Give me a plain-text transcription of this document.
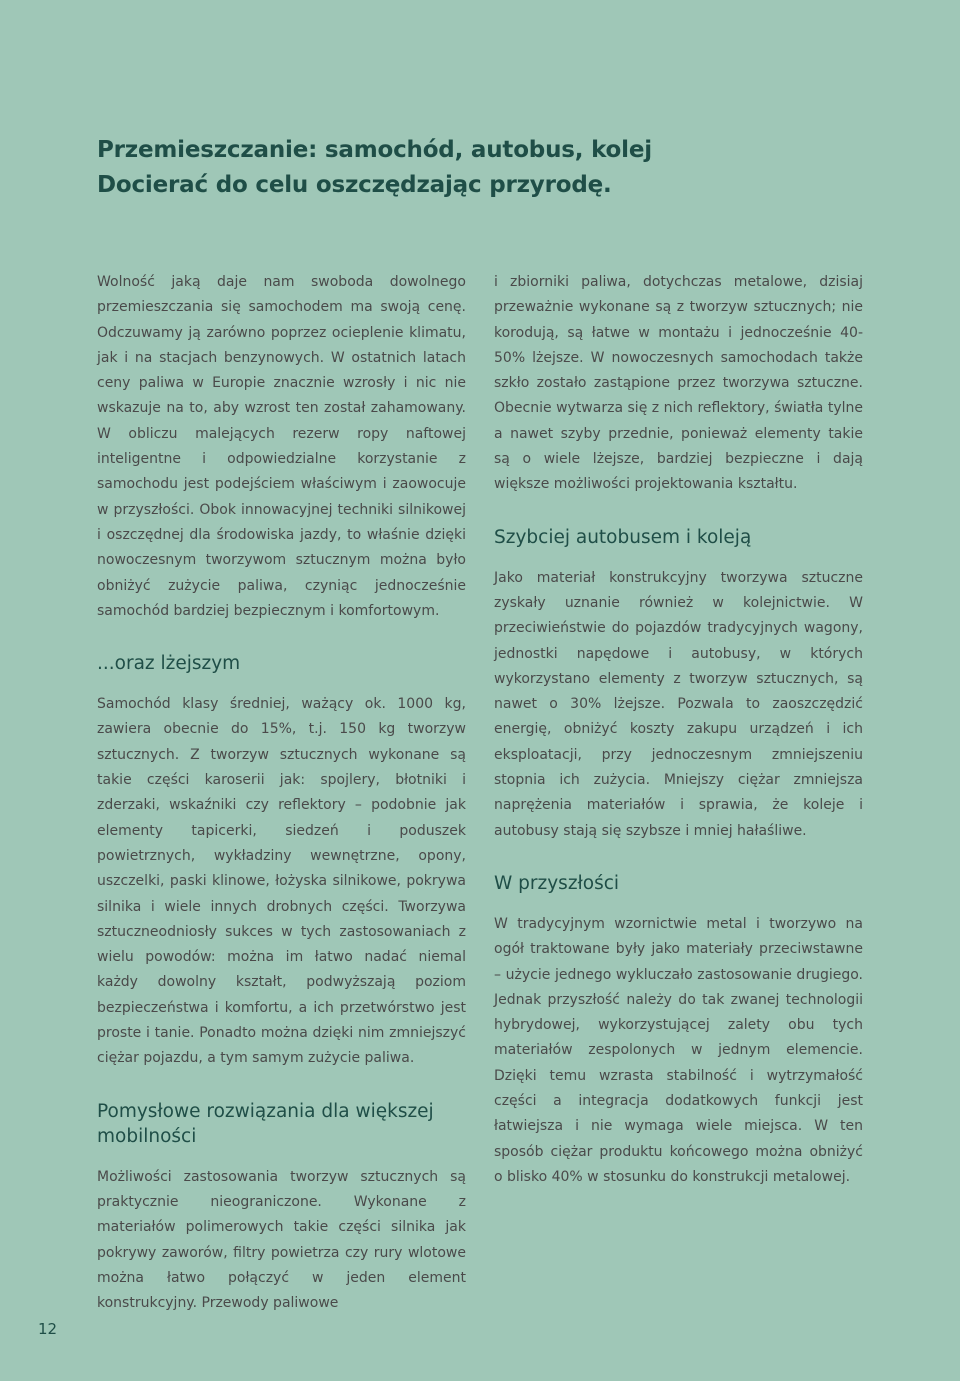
Przemieszczanie: samochód, autobus, kolej
Docierać do celu oszczędzając przyrodę.

Wolność jaką daje nam swoboda dowolnego przemieszczania się samochodem ma swoją cenę. Odczuwamy ją zarówno poprzez ocieplenie klimatu, jak i na stacjach benzynowych. W ostatnich latach ceny paliwa w Europie znacznie wzrosły i nic nie wskazuje na to, aby wzrost ten został zahamowany. W obliczu malejących rezerw ropy naftowej inteligentne i odpowiedzialne korzystanie z samochodu jest podejściem właściwym i zaowocuje w przyszłości. Obok innowacyjnej techniki silnikowej i oszczędnej dla środowiska jazdy, to właśnie dzięki nowoczesnym tworzywom sztucznym można było obniżyć zużycie paliwa, czyniąc jednocześnie samochód bardziej bezpiecznym i komfortowym.

...oraz lżejszym

Samochód klasy średniej, ważący ok. 1000 kg, zawiera obecnie do 15%, t.j. 150 kg tworzyw sztucznych. Z tworzyw sztucznych wykonane są takie części karoserii jak: spojlery, błotniki i zderzaki, wskaźniki czy reflektory – podobnie jak elementy tapicerki, siedzeń i poduszek powietrznych, wykładziny wewnętrzne, opony, uszczelki, paski klinowe, łożyska silnikowe, pokrywa silnika i wiele innych drobnych części. Tworzywa sztucznеodniosły sukces w tych zastosowaniach z wielu powodów: można im łatwo nadać niemal każdy dowolny kształt, podwyższają poziom bezpieczeństwa i komfortu, a ich przetwórstwo jest proste i tanie. Ponadto można dzięki nim zmniejszyć ciężar pojazdu, a tym samym zużycie paliwa.

Pomysłowe rozwiązania dla większej mobilności

Możliwości zastosowania tworzyw sztucznych są praktycznie nieograniczone. Wykonane z materiałów polimerowych takie części silnika jak pokrywy zaworów, filtry powietrza czy rury wlotowe można łatwo połączyć w jeden element konstrukcyjny. Przewody paliwowe

i zbiorniki paliwa, dotychczas metalowe, dzisiaj przeważnie wykonane są z tworzyw sztucznych; nie korodują, są łatwe w montażu i jednocześnie 40-50% lżejsze. W nowoczesnych samochodach także szkło zostało zastąpione przez tworzywa sztuczne. Obecnie wytwarza się z nich reflektory, światła tylne a nawet szyby przednie, ponieważ elementy takie są o wiele lżejsze, bardziej bezpieczne i dają większe możliwości projektowania kształtu.

Szybciej autobusem i koleją

Jako materiał konstrukcyjny tworzywa sztuczne zyskały uznanie również w kolejnictwie. W przeciwieństwie do pojazdów tradycyjnych wagony, jednostki napędowe i autobusy, w których wykorzystano elementy z tworzyw sztucznych, są nawet o 30% lżejsze. Pozwala to zaoszczędzić energię, obniżyć koszty zakupu urządzeń i ich eksploatacji, przy jednoczesnym zmniejszeniu stopnia ich zużycia. Mniejszy ciężar zmniejsza naprężenia materiałów i sprawia, że koleje i autobusy stają się szybsze i mniej hałaśliwe.

W przyszłości

W tradycyjnym wzornictwie metal i tworzywo na ogół traktowane były jako materiały przeciwstawne – użycie jednego wykluczało zastosowanie drugiego. Jednak przyszłość należy do tak zwanej technologii hybrydowej, wykorzystującej zalety obu tych materiałów zespolonych w jednym elemencie. Dzięki temu wzrasta stabilność i wytrzymałość części a integracja dodatkowych funkcji jest łatwiejsza i nie wymaga wiele miejsca. W ten sposób ciężar produktu końcowego można obniżyć o blisko 40% w stosunku do konstrukcji metalowej.

12
